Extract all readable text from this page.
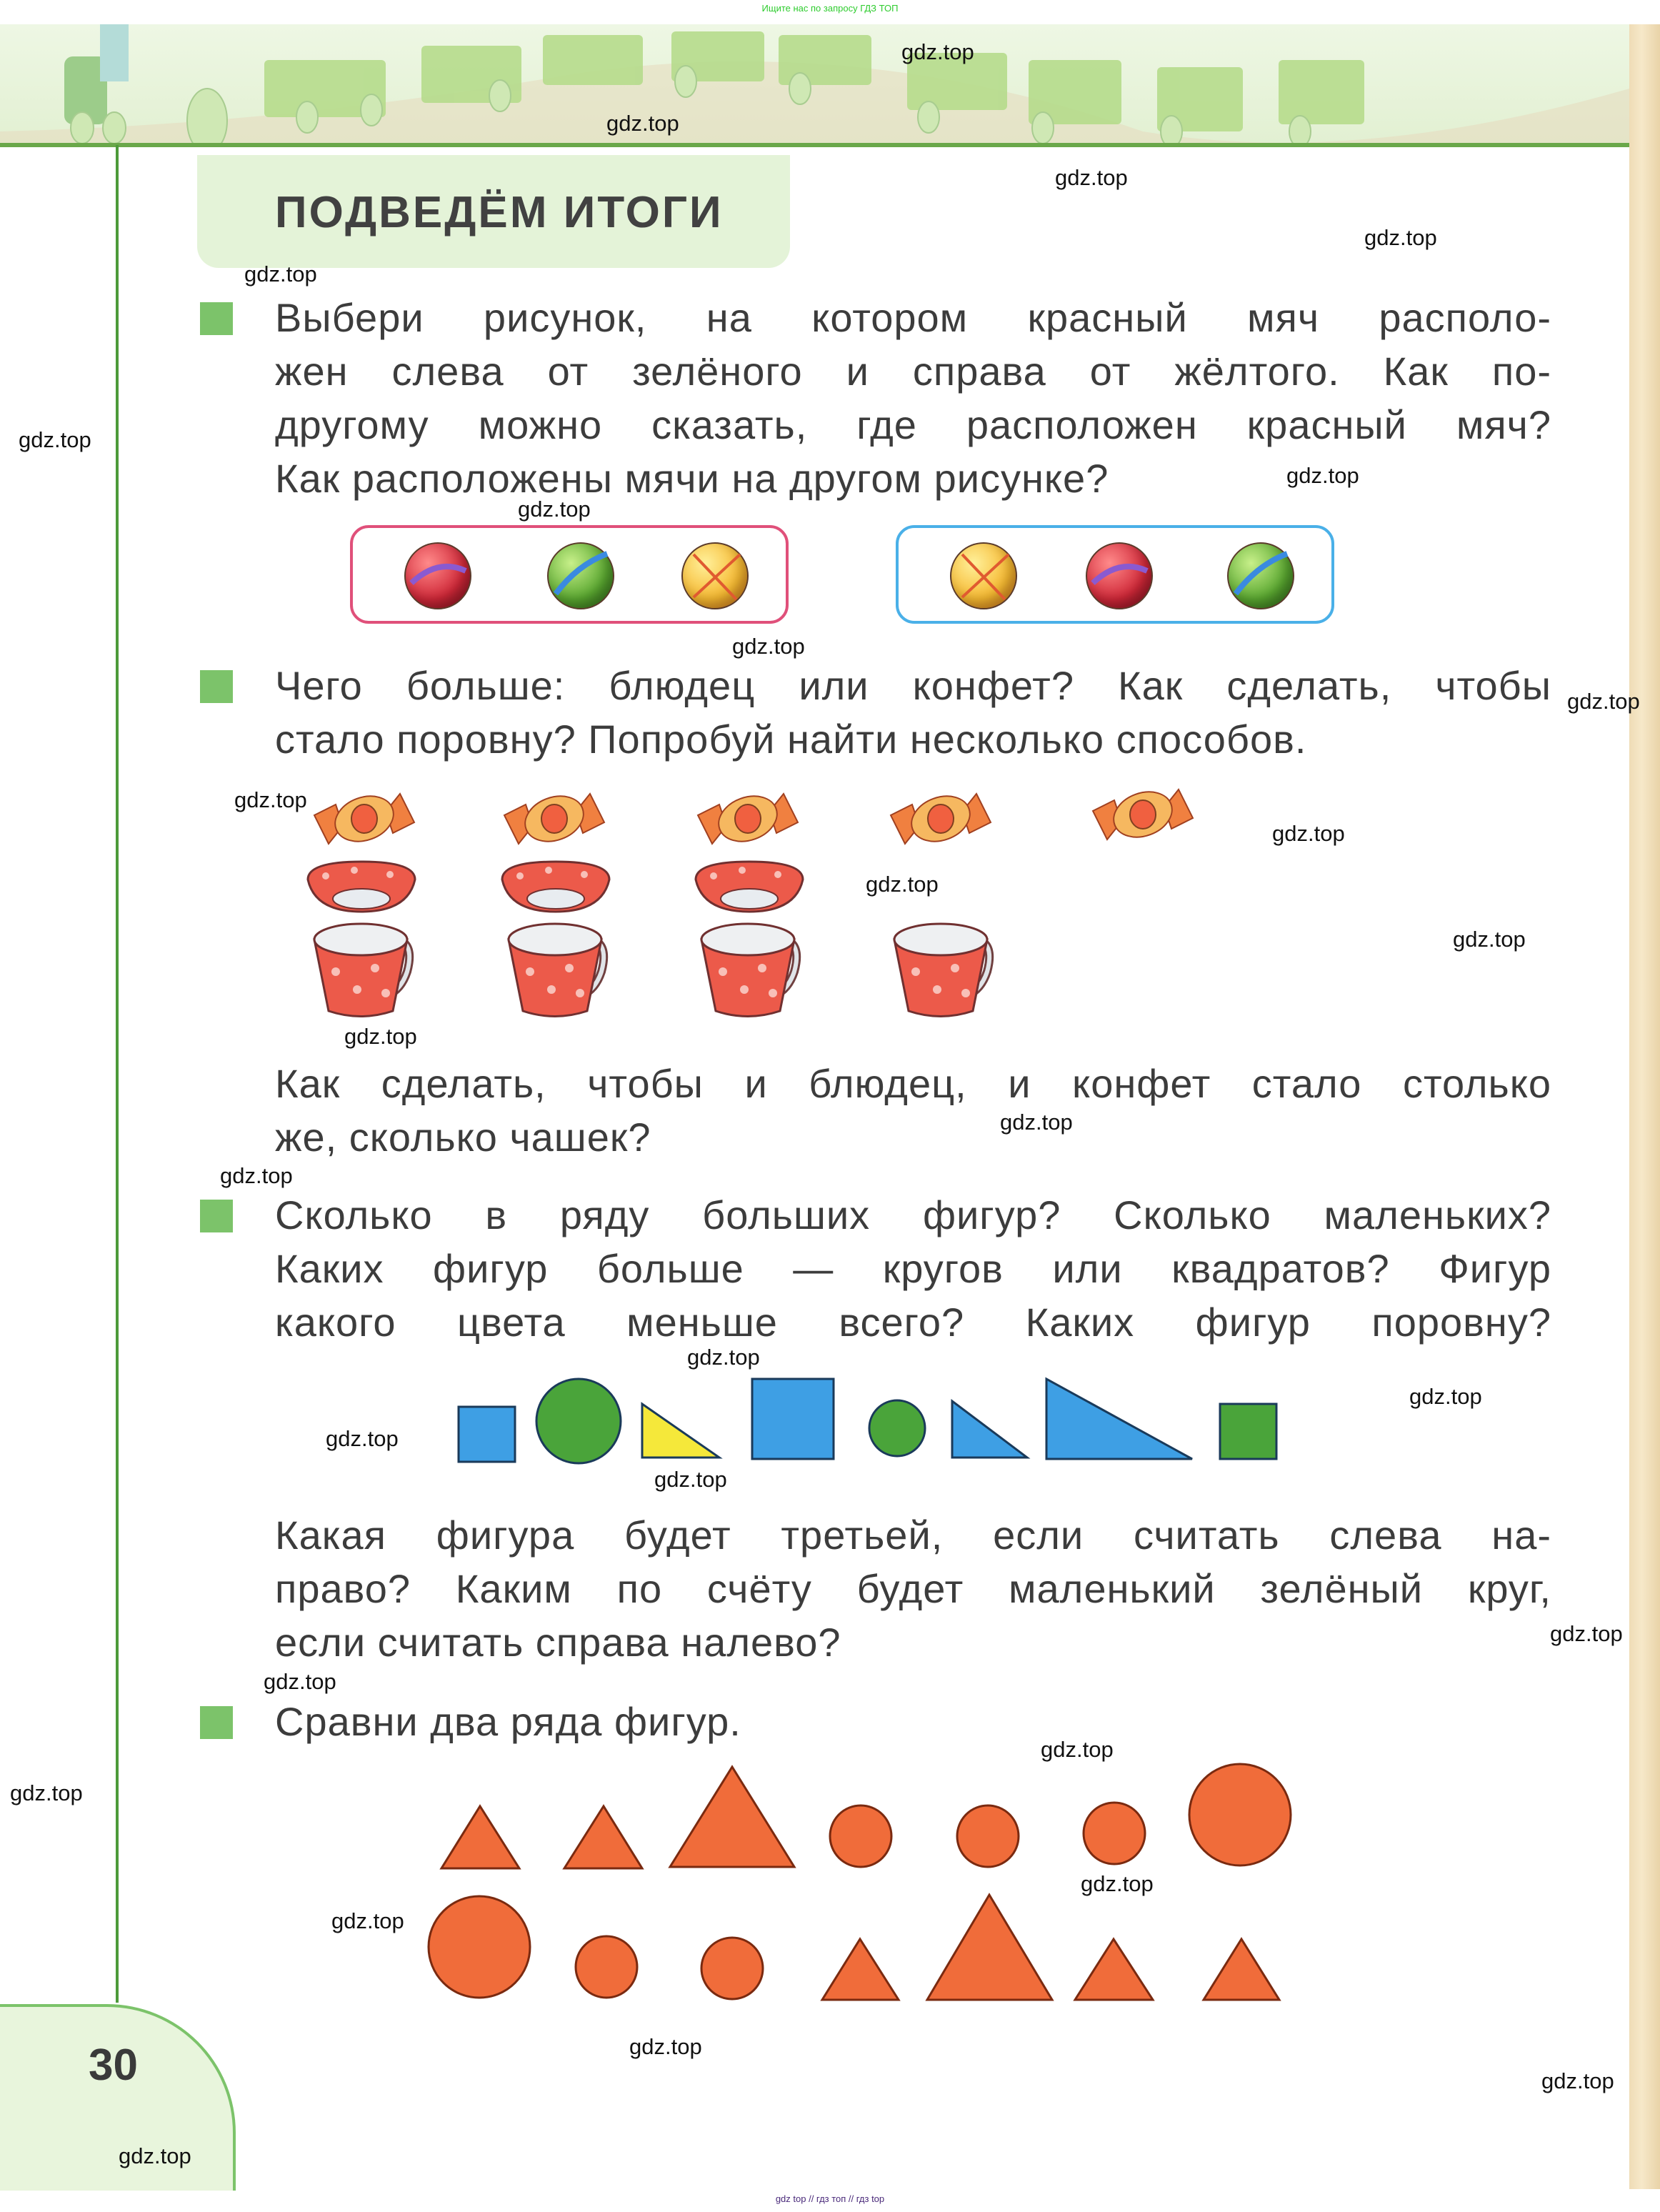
Ищите нас по запросу ГДЗ ТОП
ПОДВЕДЁМ ИТОГИ
Выбери рисунок, на котором красный мяч располо-
жен слева от зелёного и справа от жёлтого. Как по-
другому можно сказать, где расположен красный мяч?
Как расположены мячи на другом рисунке?
Чего больше: блюдец или конфет? Как сделать, чтобы
стало поровну? Попробуй найти несколько способов.
Как сделать, чтобы и блюдец, и конфет стало столько
же, сколько чашек?
Сколько в ряду больших фигур? Сколько маленьких?
Каких фигур больше — кругов или квадратов? Фигур
какого цвета меньше всего? Каких фигур поровну?
Какая фигура будет третьей, если считать слева на-
право? Каким по счёту будет маленький зелёный круг,
если считать справа налево?
Сравни два ряда фигур.
30
gdz.top
gdz.top
gdz.top
gdz.top
gdz.top
gdz.top
gdz.top
gdz.top
gdz.top
gdz.top
gdz.top
gdz.top
gdz.top
gdz.top
gdz.top
gdz.top
gdz.top
gdz.top
gdz.top
gdz.top
gdz.top
gdz.top
gdz.top
gdz.top
gdz.top
gdz.top
gdz.top
gdz.top
gdz.top
gdz.top
gdz top // гдз топ // гдз top
